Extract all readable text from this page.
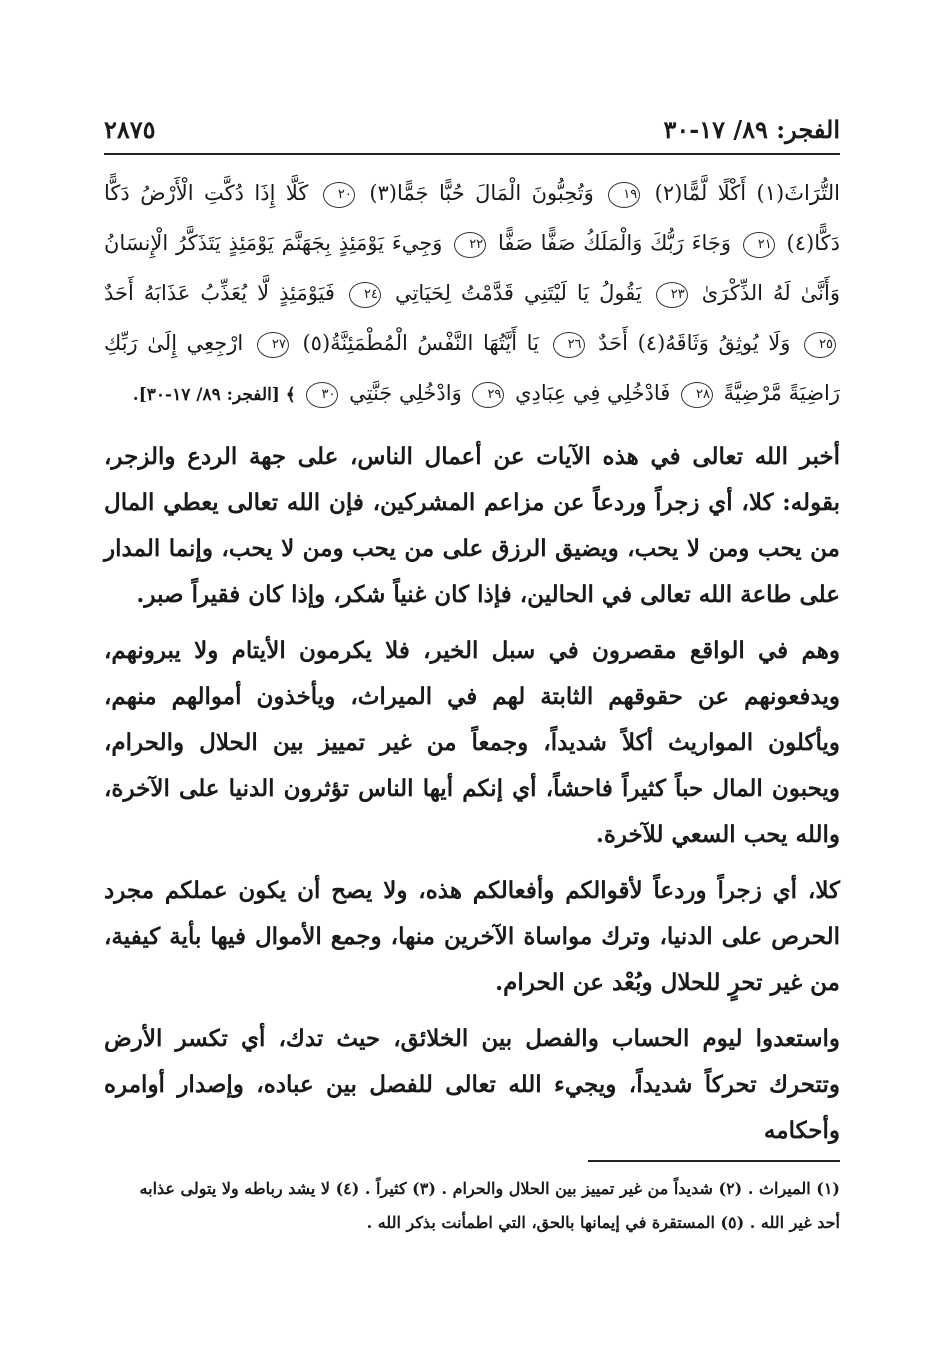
الفجر: ٨٩/ ١٧-٣٠
٢٨٧٥
التُّرَاثَ(١) أَكْلًا لَّمًّا(٢) ١٩ وَتُحِبُّونَ الْمَالَ حُبًّا جَمًّا(٣) ٢٠ كَلَّا إِذَا دُكَّتِ الْأَرْضُ دَكًّا دَكًّا(٤) ٢١ وَجَاءَ رَبُّكَ وَالْمَلَكُ صَفًّا صَفًّا ٢٢ وَجِيءَ يَوْمَئِذٍ بِجَهَنَّمَ يَوْمَئِذٍ يَتَذَكَّرُ الْإِنسَانُ وَأَنَّىٰ لَهُ الذِّكْرَىٰ ٢٣ يَقُولُ يَا لَيْتَنِي قَدَّمْتُ لِحَيَاتِي ٢٤ فَيَوْمَئِذٍ لَّا يُعَذِّبُ عَذَابَهُ أَحَدٌ ٢٥ وَلَا يُوثِقُ وَثَاقَهُ(٤) أَحَدٌ ٢٦ يَا أَيَّتُهَا النَّفْسُ الْمُطْمَئِنَّةُ(٥) ٢٧ ارْجِعِي إِلَىٰ رَبِّكِ رَاضِيَةً مَّرْضِيَّةً ٢٨ فَادْخُلِي فِي عِبَادِي ٢٩ وَادْخُلِي جَنَّتِي ٣٠ ﴾ [الفجر: ٨٩/ ١٧-٣٠].

أخبر الله تعالى في هذه الآيات عن أعمال الناس، على جهة الردع والزجر، بقوله: كلا، أي زجراً وردعاً عن مزاعم المشركين، فإن الله تعالى يعطي المال من يحب ومن لا يحب، ويضيق الرزق على من يحب ومن لا يحب، وإنما المدار على طاعة الله تعالى في الحالين، فإذا كان غنياً شكر، وإذا كان فقيراً صبر.

وهم في الواقع مقصرون في سبل الخير، فلا يكرمون الأيتام ولا يبرونهم، ويدفعونهم عن حقوقهم الثابتة لهم في الميراث، ويأخذون أموالهم منهم، ويأكلون المواريث أكلاً شديداً، وجمعاً من غير تمييز بين الحلال والحرام، ويحبون المال حباً كثيراً فاحشاً، أي إنكم أيها الناس تؤثرون الدنيا على الآخرة، والله يحب السعي للآخرة.

كلا، أي زجراً وردعاً لأقوالكم وأفعالكم هذه، ولا يصح أن يكون عملكم مجرد الحرص على الدنيا، وترك مواساة الآخرين منها، وجمع الأموال فيها بأية كيفية، من غير تحرٍ للحلال وبُعْد عن الحرام.

واستعدوا ليوم الحساب والفصل بين الخلائق، حيث تدك، أي تكسر الأرض وتتحرك تحركاً شديداً، ويجيء الله تعالى للفصل بين عباده، وإصدار أوامره وأحكامه

(١) الميراث . (٢) شديداً من غير تمييز بين الحلال والحرام . (٣) كثيراً . (٤) لا يشد رباطه ولا يتولى عذابه
أحد غير الله . (٥) المستقرة في إيمانها بالحق، التي اطمأنت بذكر الله .
